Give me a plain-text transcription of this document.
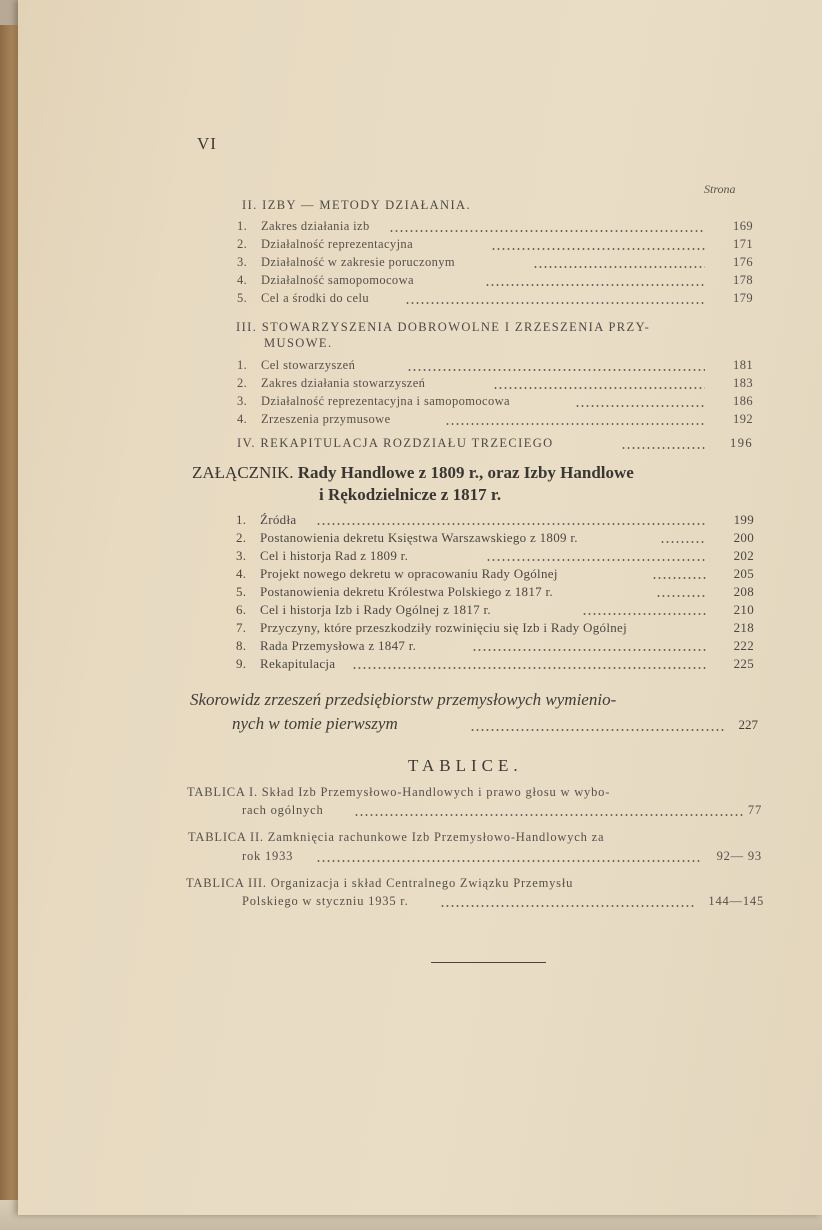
VI
Strona
II. IZBY — METODY DZIAŁANIA.
1. Zakres działania izb	169
2. Działalność reprezentacyjna	171
3. Działalność w zakresie poruczonym	176
4. Działalność samopomocowa	178
5. Cel a środki do celu	179
III. STOWARZYSZENIA DOBROWOLNE I ZRZESZENIA PRZY-
MUSOWE.
1. Cel stowarzyszeń	181
2. Zakres działania stowarzyszeń	183
3. Działalność reprezentacyjna i samopomocowa	186
4. Zrzeszenia przymusowe	192
IV. REKAPITULACJA ROZDZIAŁU TRZECIEGO	196
ZAŁĄCZNIK. Rady Handlowe z 1809 r., oraz Izby Handlowe
i Rękodzielnicze z 1817 r.
1. Źródła	199
2. Postanowienia dekretu Księstwa Warszawskiego z 1809 r.	200
3. Cel i historja Rad z 1809 r.	202
4. Projekt nowego dekretu w opracowaniu Rady Ogólnej	205
5. Postanowienia dekretu Królestwa Polskiego z 1817 r.	208
6. Cel i historja Izb i Rady Ogólnej z 1817 r.	210
7. Przyczyny, które przeszkodziły rozwinięciu się Izb i Rady Ogólnej	218
8. Rada Przemysłowa z 1847 r.	222
9. Rekapitulacja	225
Skorowidz zrzeszeń przedsiębiorstw przemysłowych wymienio-
nych w tomie pierwszym	227
TABLICE.
TABLICA I. Skład Izb Przemysłowo-Handlowych i prawo głosu w wybo-
rach ogólnych	77
TABLICA II. Zamknięcia rachunkowe Izb Przemysłowo-Handlowych za
rok 1933	92— 93
TABLICA III. Organizacja i skład Centralnego Związku Przemysłu
Polskiego w styczniu 1935 r.	144—145
